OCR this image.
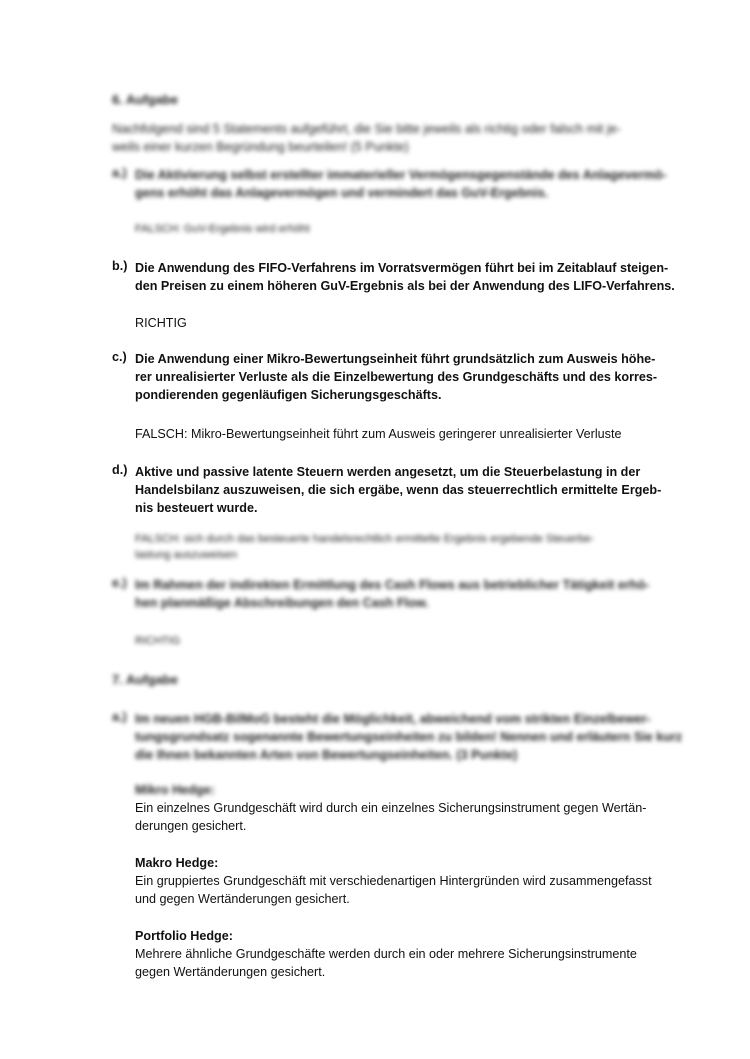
6. Aufgabe
Nachfolgend sind 5 Statements aufgeführt, die Sie bitte jeweils als richtig oder falsch mit je-
weils einer kurzen Begründung beurteilen! (5 Punkte)
a.) Die Aktivierung selbst erstellter immaterieller Vermögensgegenstände des Anlagevermö-
gens erhöht das Anlagevermögen und vermindert das GuV-Ergebnis.
FALSCH: GuV-Ergebnis wird erhöht
b.) Die Anwendung des FIFO-Verfahrens im Vorratsvermögen führt bei im Zeitablauf steigen-
den Preisen zu einem höheren GuV-Ergebnis als bei der Anwendung des LIFO-Verfahrens.
RICHTIG
c.) Die Anwendung einer Mikro-Bewertungseinheit führt grundsätzlich zum Ausweis höhe-
rer unrealisierter Verluste als die Einzelbewertung des Grundgeschäfts und des korres-
pondierenden gegenläufigen Sicherungsgeschäfts.
FALSCH: Mikro-Bewertungseinheit führt zum Ausweis geringerer unrealisierter Verluste
d.) Aktive und passive latente Steuern werden angesetzt, um die Steuerbelastung in der
Handelsbilanz auszuweisen, die sich ergäbe, wenn das steuerrechtlich ermittelte Ergeb-
nis besteuert wurde.
FALSCH: sich durch das besteuerte handelsrechtlich ermittelte Ergebnis ergebende Steuerbe-
lastung auszuweisen
e.) Im Rahmen der indirekten Ermittlung des Cash Flows aus betrieblicher Tätigkeit erhö-
hen planmäßige Abschreibungen den Cash Flow.
RICHTIG
7. Aufgabe
a.) Im neuen HGB-BilMoG besteht die Möglichkeit, abweichend vom strikten Einzelbewer-
tungsgrundsatz sogenannte Bewertungseinheiten zu bilden! Nennen und erläutern Sie kurz
die Ihnen bekannten Arten von Bewertungseinheiten. (3 Punkte)
Mikro Hedge:
Ein einzelnes Grundgeschäft wird durch ein einzelnes Sicherungsinstrument gegen Wertän-
derungen gesichert.
Makro Hedge:
Ein gruppiertes Grundgeschäft mit verschiedenartigen Hintergründen wird zusammengefasst
und gegen Wertänderungen gesichert.
Portfolio Hedge:
Mehrere ähnliche Grundgeschäfte werden durch ein oder mehrere Sicherungsinstrumente
gegen Wertänderungen gesichert.
